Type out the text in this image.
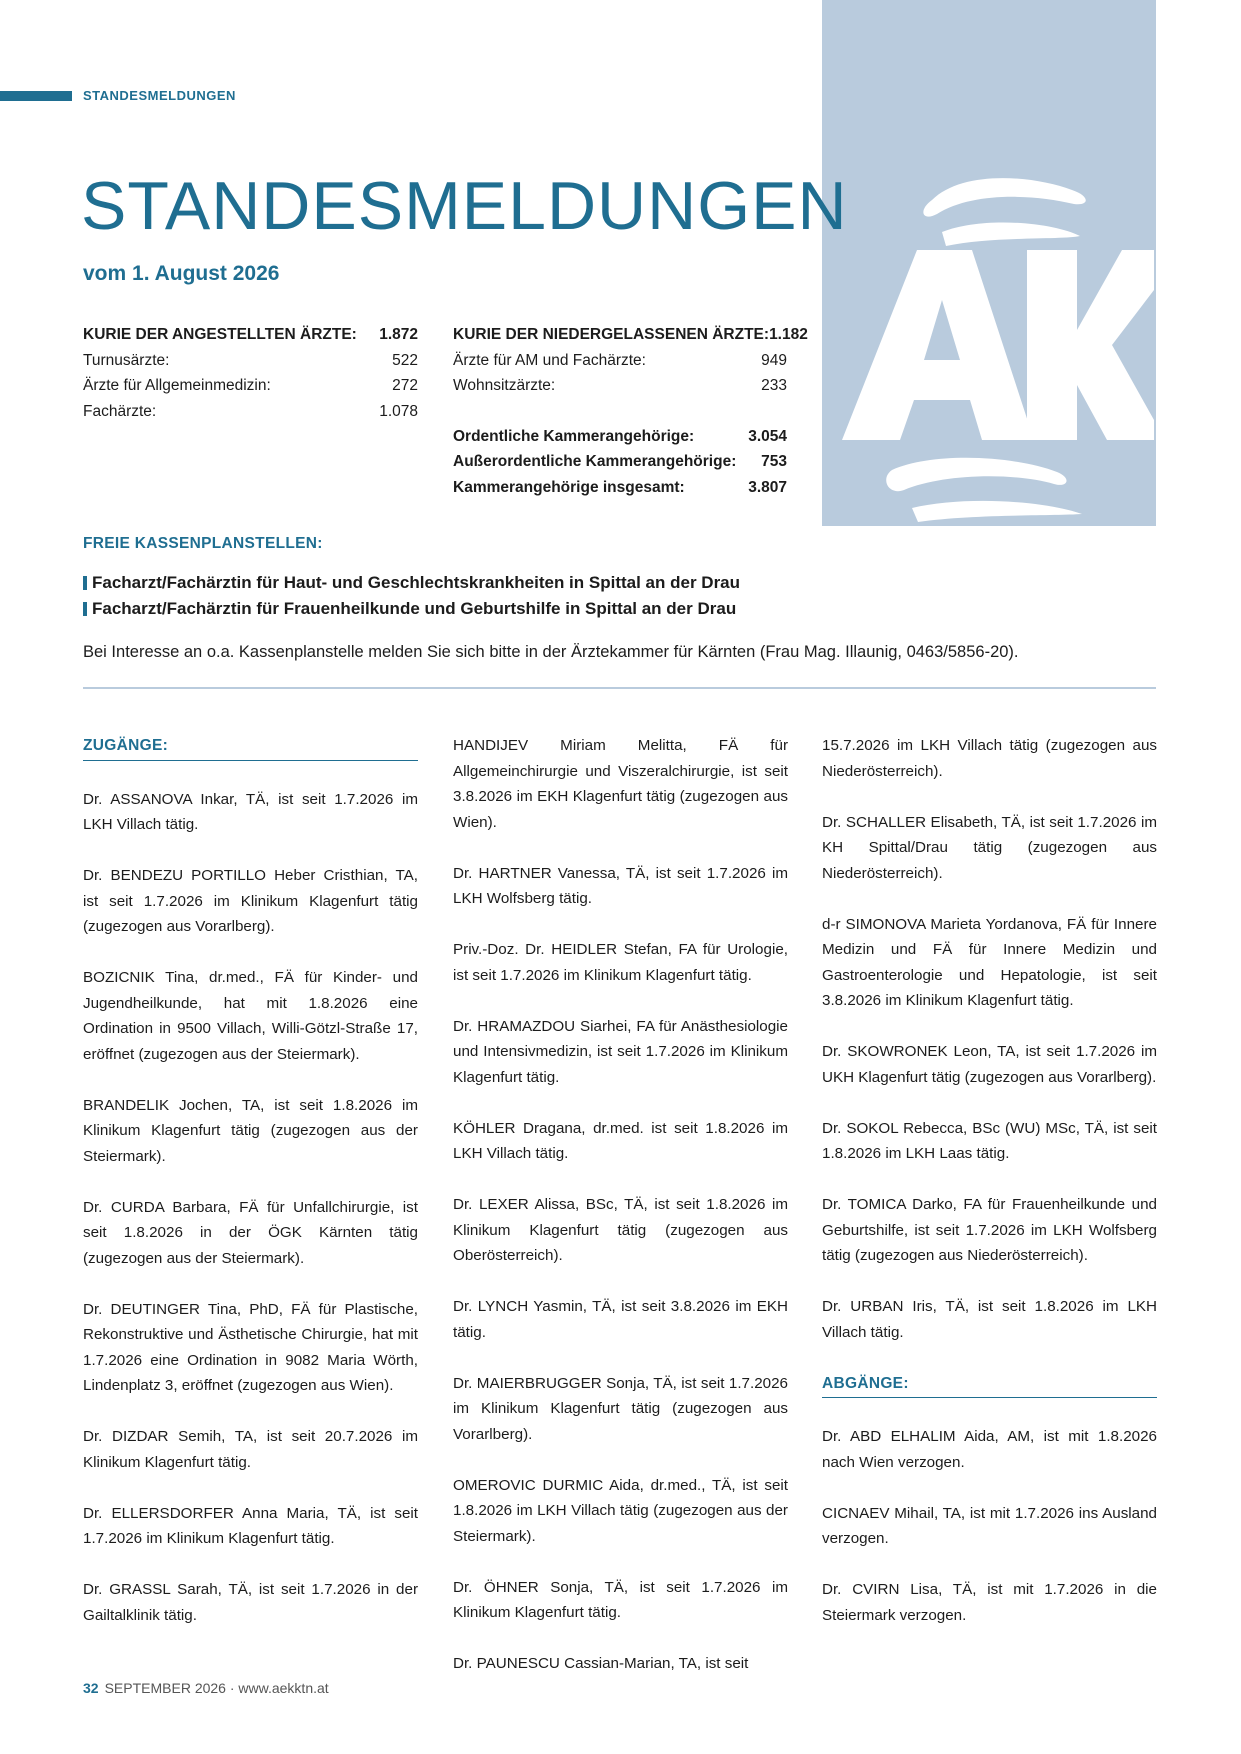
STANDESMELDUNGEN
STANDESMELDUNGEN
vom 1. August 2026
KURIE DER ANGESTELLTEN ÄRZTE: 1.872
Turnusärzte:	522
Ärzte für Allgemeinmedizin:	272
Fachärzte:	1.078
KURIE DER NIEDERGELASSENEN ÄRZTE: 1.182
Ärzte für AM und Fachärzte:	949
Wohnsitzärzte:	233
Ordentliche Kammerangehörige:	3.054
Außerordentliche Kammerangehörige: 753
Kammerangehörige insgesamt:	3.807
FREIE KASSENPLANSTELLEN:
Facharzt/Fachärztin für Haut- und Geschlechtskrankheiten in Spittal an der Drau
Facharzt/Fachärztin für Frauenheilkunde und Geburtshilfe in Spittal an der Drau
Bei Interesse an o.a. Kassenplanstelle melden Sie sich bitte in der Ärztekammer für Kärnten (Frau Mag. Illaunig, 0463/5856-20).
ZUGÄNGE:

Dr. ASSANOVA Inkar, TÄ, ist seit 1.7.2026 im LKH Villach tätig.

Dr. BENDEZU PORTILLO Heber Cristhian, TA, ist seit 1.7.2026 im Klinikum Klagenfurt tätig (zugezogen aus Vorarlberg).

BOZICNIK Tina, dr.med., FÄ für Kinder- und Jugendheilkunde, hat mit 1.8.2026 eine Ordination in 9500 Villach, Willi-Götzl-Straße 17, eröffnet (zugezogen aus der Steiermark).

BRANDELIK Jochen, TA, ist seit 1.8.2026 im Klinikum Klagenfurt tätig (zugezogen aus der Steiermark).

Dr. CURDA Barbara, FÄ für Unfallchirurgie, ist seit 1.8.2026 in der ÖGK Kärnten tätig (zugezogen aus der Steiermark).

Dr. DEUTINGER Tina, PhD, FÄ für Plastische, Rekonstruktive und Ästhetische Chirurgie, hat mit 1.7.2026 eine Ordination in 9082 Maria Wörth, Lindenplatz 3, eröffnet (zugezogen aus Wien).

Dr. DIZDAR Semih, TA, ist seit 20.7.2026 im Klinikum Klagenfurt tätig.

Dr. ELLERSDORFER Anna Maria, TÄ, ist seit 1.7.2026 im Klinikum Klagenfurt tätig.

Dr. GRASSL Sarah, TÄ, ist seit 1.7.2026 in der Gailtalklinik tätig.

HANDIJEV Miriam Melitta, FÄ für Allgemeinchirurgie und Viszeralchirurgie, ist seit 3.8.2026 im EKH Klagenfurt tätig (zugezogen aus Wien).

Dr. HARTNER Vanessa, TÄ, ist seit 1.7.2026 im LKH Wolfsberg tätig.

Priv.-Doz. Dr. HEIDLER Stefan, FA für Urologie, ist seit 1.7.2026 im Klinikum Klagenfurt tätig.

Dr. HRAMAZDOU Siarhei, FA für Anästhesiologie und Intensivmedizin, ist seit 1.7.2026 im Klinikum Klagenfurt tätig.

KÖHLER Dragana, dr.med. ist seit 1.8.2026 im LKH Villach tätig.

Dr. LEXER Alissa, BSc, TÄ, ist seit 1.8.2026 im Klinikum Klagenfurt tätig (zugezogen aus Oberösterreich).

Dr. LYNCH Yasmin, TÄ, ist seit 3.8.2026 im EKH tätig.

Dr. MAIERBRUGGER Sonja, TÄ, ist seit 1.7.2026 im Klinikum Klagenfurt tätig (zugezogen aus Vorarlberg).

OMEROVIC DURMIC Aida, dr.med., TÄ, ist seit 1.8.2026 im LKH Villach tätig (zugezogen aus der Steiermark).

Dr. ÖHNER Sonja, TÄ, ist seit 1.7.2026 im Klinikum Klagenfurt tätig.

Dr. PAUNESCU Cassian-Marian, TA, ist seit

15.7.2026 im LKH Villach tätig (zugezogen aus Niederösterreich).

Dr. SCHALLER Elisabeth, TÄ, ist seit 1.7.2026 im KH Spittal/Drau tätig (zugezogen aus Niederösterreich).

d-r SIMONOVA Marieta Yordanova, FÄ für Innere Medizin und FÄ für Innere Medizin und Gastroenterologie und Hepatologie, ist seit 3.8.2026 im Klinikum Klagenfurt tätig.

Dr. SKOWRONEK Leon, TA, ist seit 1.7.2026 im UKH Klagenfurt tätig (zugezogen aus Vorarlberg).

Dr. SOKOL Rebecca, BSc (WU) MSc, TÄ, ist seit 1.8.2026 im LKH Laas tätig.

Dr. TOMICA Darko, FA für Frauenheilkunde und Geburtshilfe, ist seit 1.7.2026 im LKH Wolfsberg tätig (zugezogen aus Niederösterreich).

Dr. URBAN Iris, TÄ, ist seit 1.8.2026 im LKH Villach tätig.

ABGÄNGE:

Dr. ABD ELHALIM Aida, AM, ist mit 1.8.2026 nach Wien verzogen.

CICNAEV Mihail, TA, ist mit 1.7.2026 ins Ausland verzogen.

Dr. CVIRN Lisa, TÄ, ist mit 1.7.2026 in die Steiermark verzogen.

32 SEPTEMBER 2026 · www.aekktn.at
